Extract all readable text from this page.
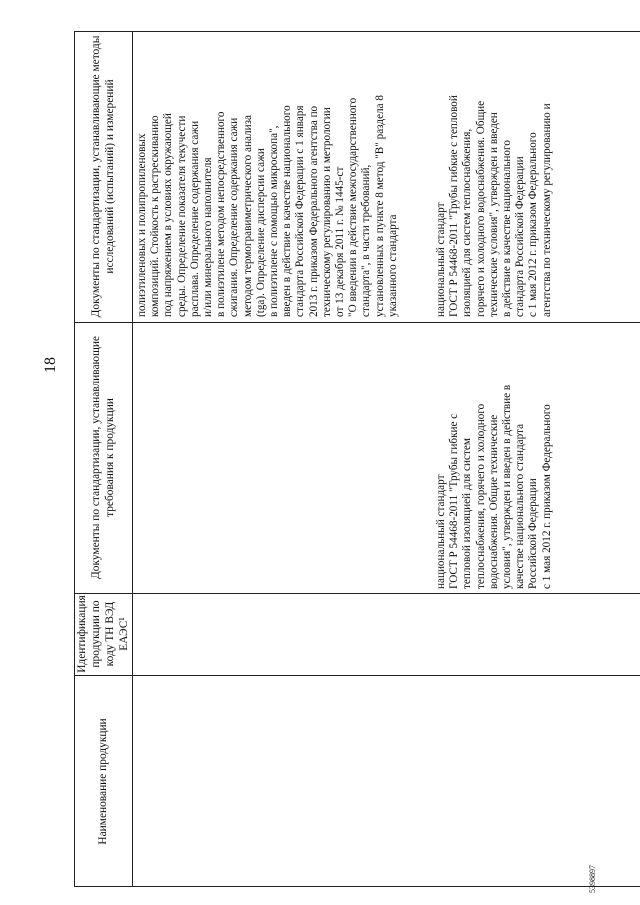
18
Наименование продукции
Идентификация продукции по коду ТН ВЭД ЕАЭС¹
Документы по стандартизации, устанавливающие требования к продукции
Документы по стандартизации, устанавливающие методы исследований (испытаний) и измерений
полиэтиленовых и полипропиленовых
композиций. Стойкость к растрескиванию
под напряжением в условиях окружающей
среды. Определение показателя текучести
расплава. Определение содержания сажи
и/или минерального наполнителя
в полиэтилене методом непосредственного
сжигания. Определение содержания сажи
методом термогравиметрического анализа
(tga). Определение дисперсии сажи
в полиэтилене с помощью микроскопа",
введен в действие в качестве национального
стандарта Российской Федерации с 1 января
2013 г. приказом Федерального агентства по
техническому регулированию и метрологии
от 13 декабря 2011 г. № 1445-ст
"О введении в действие межгосударственного
стандарта", в части требований,
установленных в пункте 8 метод "B" раздела 8
указанного стандарта
национальный стандарт
ГОСТ Р 54468-2011 "Трубы гибкие с
тепловой изоляцией для систем
теплоснабжения, горячего и холодного
водоснабжения. Общие технические
условия", утвержден и введен в действие в
качестве национального стандарта
Российской Федерации
с 1 мая 2012 г. приказом Федерального
национальный стандарт
ГОСТ Р 54468-2011 "Трубы гибкие с тепловой
изоляцией для систем теплоснабжения,
горячего и холодного водоснабжения. Общие
технические условия", утвержден и введен
в действие в качестве национального
стандарта Российской Федерации
с 1 мая 2012 г. приказом Федерального
агентства по техническому регулированию и
5398897
